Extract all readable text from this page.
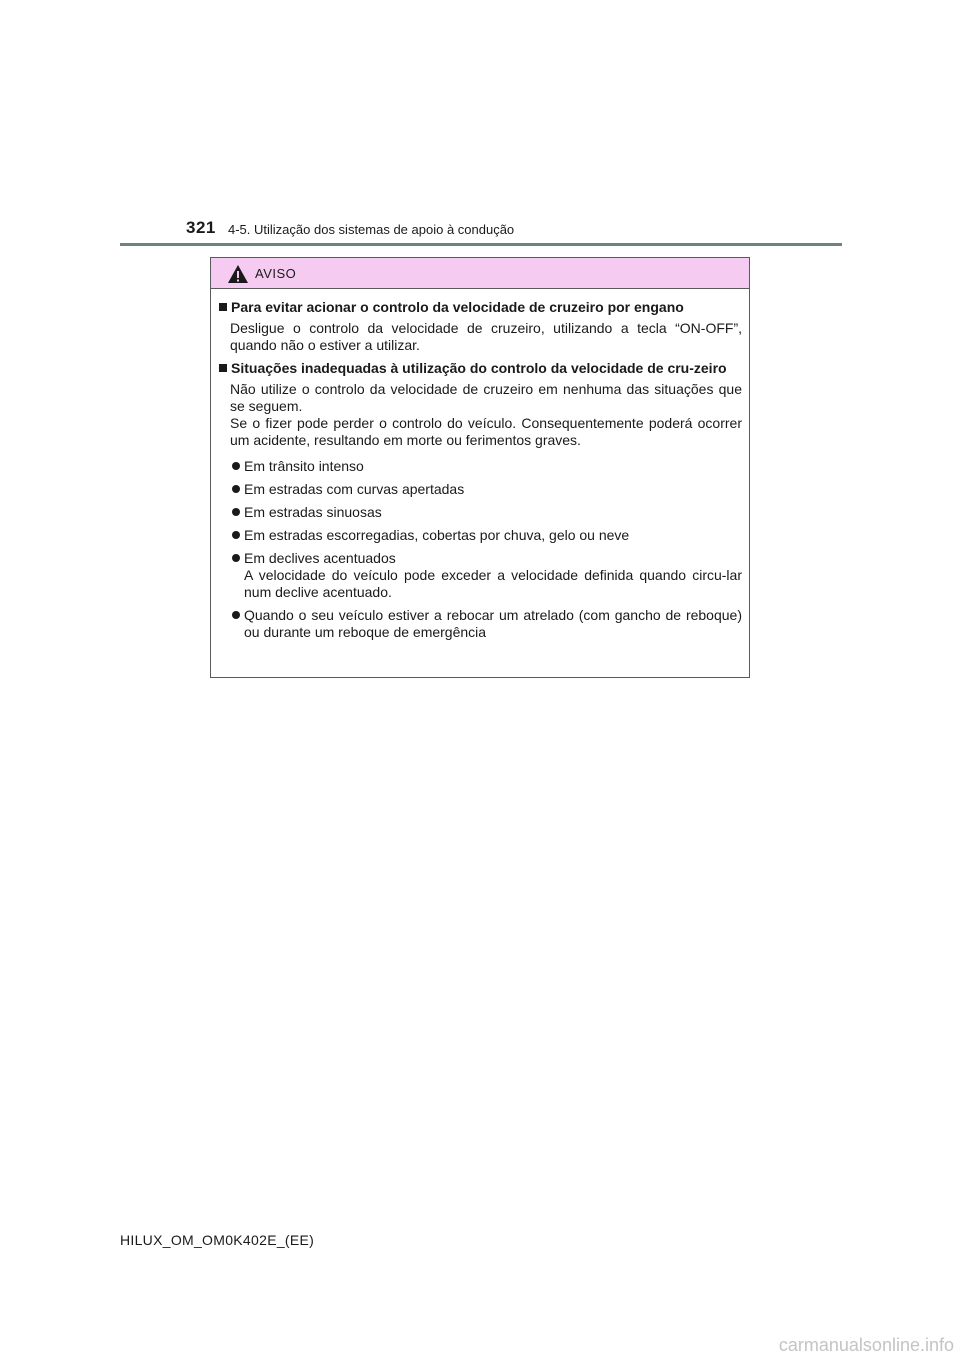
321 4-5. Utilização dos sistemas de apoio à condução
AVISO
Para evitar acionar o controlo da velocidade de cruzeiro por engano
Desligue o controlo da velocidade de cruzeiro, utilizando a tecla “ON-OFF”, quando não o estiver a utilizar.
Situações inadequadas à utilização do controlo da velocidade de cru-zeiro
Não utilize o controlo da velocidade de cruzeiro em nenhuma das situações que se seguem.
Se o fizer pode perder o controlo do veículo. Consequentemente poderá ocorrer um acidente, resultando em morte ou ferimentos graves.
Em trânsito intenso
Em estradas com curvas apertadas
Em estradas sinuosas
Em estradas escorregadias, cobertas por chuva, gelo ou neve
Em declives acentuados
A velocidade do veículo pode exceder a velocidade definida quando circu-lar num declive acentuado.
Quando o seu veículo estiver a rebocar um atrelado (com gancho de reboque) ou durante um reboque de emergência
HILUX_OM_OM0K402E_(EE)
carmanualsonline.info
